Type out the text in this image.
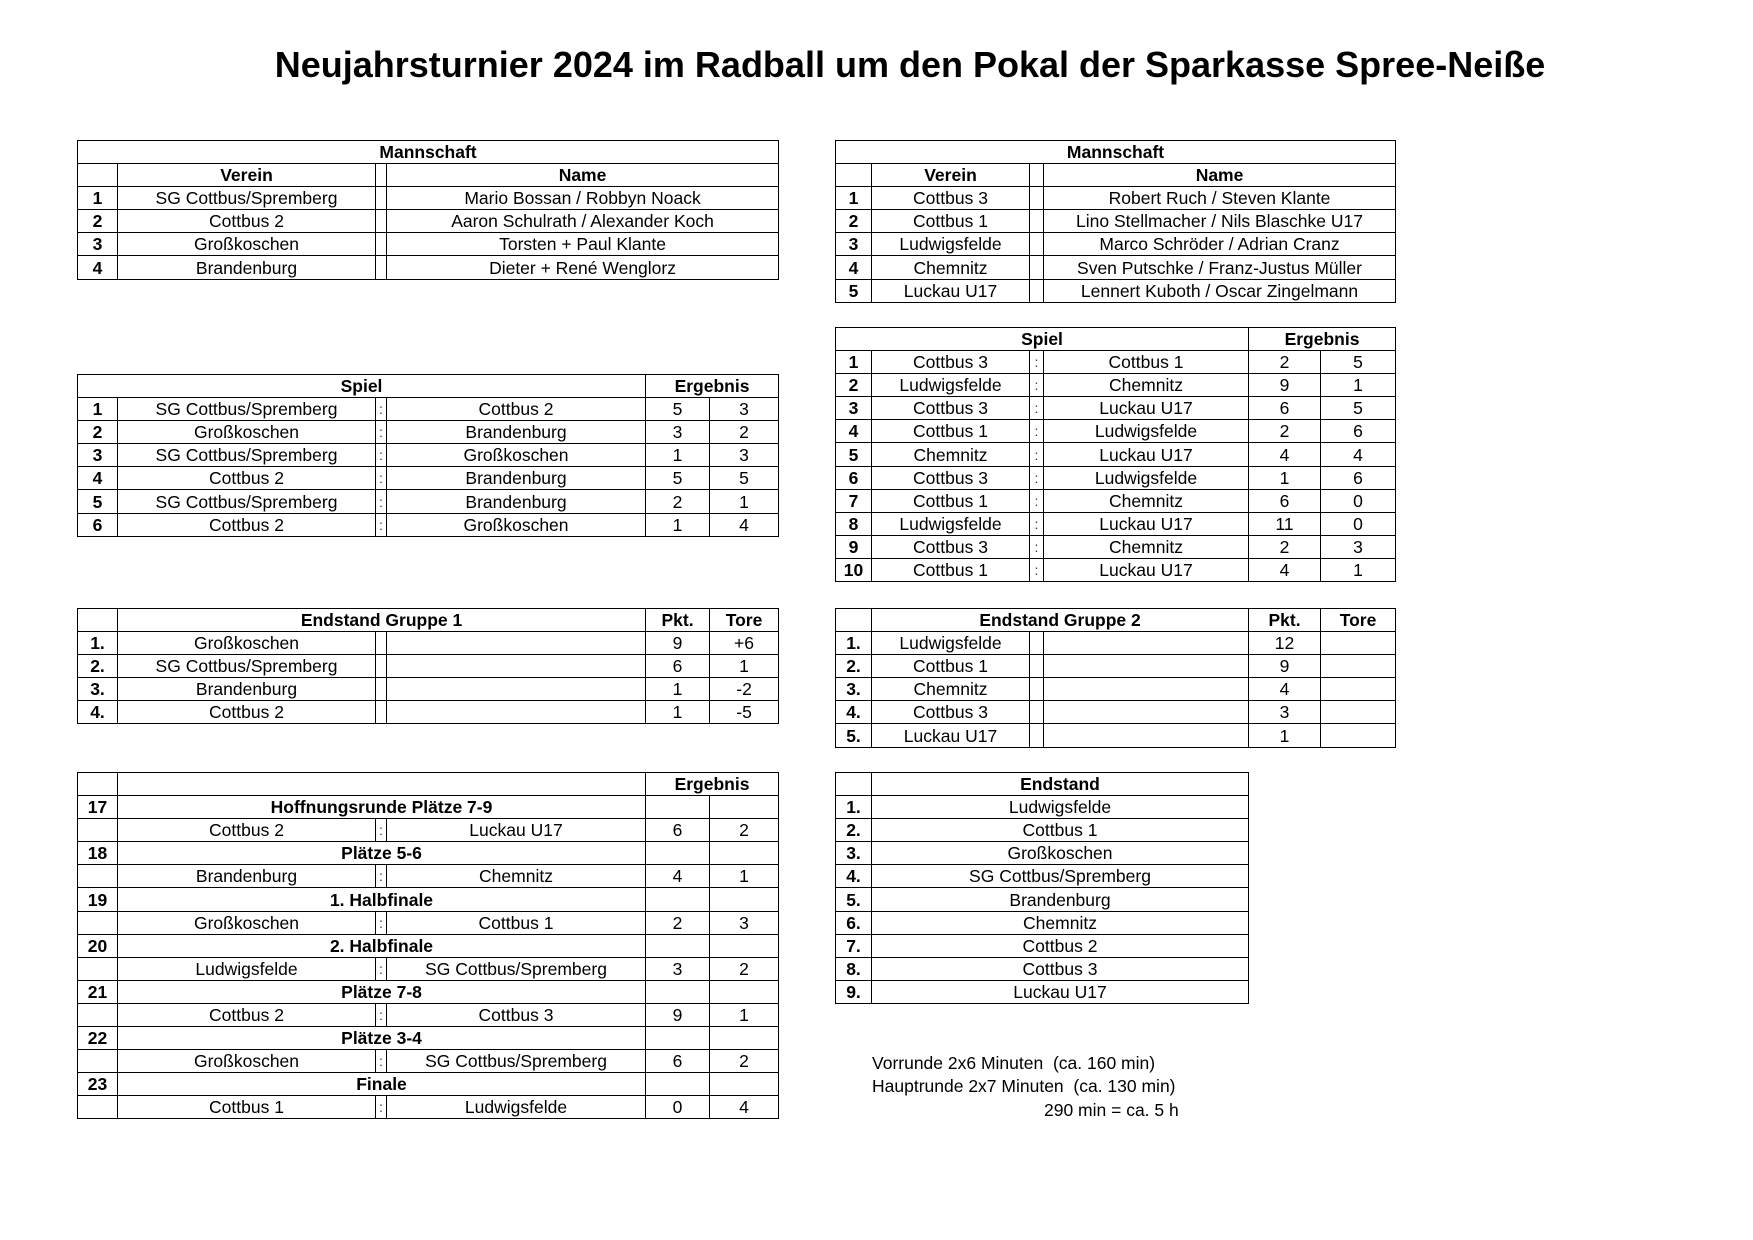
Neujahrsturnier 2024 im Radball um den Pokal der Sparkasse Spree-Neiße
Mannschaft			
	Verein		Name
1	SG Cottbus/Spremberg		Mario Bossan / Robbyn Noack
2	Cottbus 2		Aaron Schulrath / Alexander Koch
3	Großkoschen		Torsten + Paul Klante
4	Brandenburg		Dieter + René Wenglorz
Mannschaft			
	Verein		Name
1	Cottbus 3		Robert Ruch / Steven Klante
2	Cottbus 1		Lino Stellmacher / Nils Blaschke U17
3	Ludwigsfelde		Marco Schröder / Adrian Cranz
4	Chemnitz		Sven Putschke / Franz-Justus Müller
5	Luckau U17		Lennert Kuboth / Oscar Zingelmann
Spiel				Ergebnis	
1	SG Cottbus/Spremberg	:	Cottbus 2	5	3
2	Großkoschen	:	Brandenburg	3	2
3	SG Cottbus/Spremberg	:	Großkoschen	1	3
4	Cottbus 2	:	Brandenburg	5	5
5	SG Cottbus/Spremberg	:	Brandenburg	2	1
6	Cottbus 2	:	Großkoschen	1	4
Spiel				Ergebnis	
1	Cottbus 3	:	Cottbus 1	2	5
2	Ludwigsfelde	:	Chemnitz	9	1
3	Cottbus 3	:	Luckau U17	6	5
4	Cottbus 1	:	Ludwigsfelde	2	6
5	Chemnitz	:	Luckau U17	4	4
6	Cottbus 3	:	Ludwigsfelde	1	6
7	Cottbus 1	:	Chemnitz	6	0
8	Ludwigsfelde	:	Luckau U17	11	0
9	Cottbus 3	:	Chemnitz	2	3
10	Cottbus 1	:	Luckau U17	4	1
	Endstand Gruppe 1			Pkt.	Tore
1.	Großkoschen			9	+6
2.	SG Cottbus/Spremberg			6	1
3.	Brandenburg			1	-2
4.	Cottbus 2			1	-5
	Endstand Gruppe 2			Pkt.	Tore
1.	Ludwigsfelde			12	
2.	Cottbus 1			9	
3.	Chemnitz			4	
4.	Cottbus 3			3	
5.	Luckau U17			1	
				Ergebnis	
17	Hoffnungsrunde Plätze 7-9				
	Cottbus 2	:	Luckau U17	6	2
18	Plätze 5-6				
	Brandenburg	:	Chemnitz	4	1
19	1. Halbfinale				
	Großkoschen	:	Cottbus 1	2	3
20	2. Halbfinale				
	Ludwigsfelde	:	SG Cottbus/Spremberg	3	2
21	Plätze 7-8				
	Cottbus 2	:	Cottbus 3	9	1
22	Plätze 3-4				
	Großkoschen	:	SG Cottbus/Spremberg	6	2
23	Finale				
	Cottbus 1	:	Ludwigsfelde	0	4
	Endstand
1.	Ludwigsfelde
2.	Cottbus 1
3.	Großkoschen
4.	SG Cottbus/Spremberg
5.	Brandenburg
6.	Chemnitz
7.	Cottbus 2
8.	Cottbus 3
9.	Luckau U17
Vorrunde 2x6 Minuten  (ca. 160 min)
Hauptrunde 2x7 Minuten  (ca. 130 min)
290 min = ca. 5 h
